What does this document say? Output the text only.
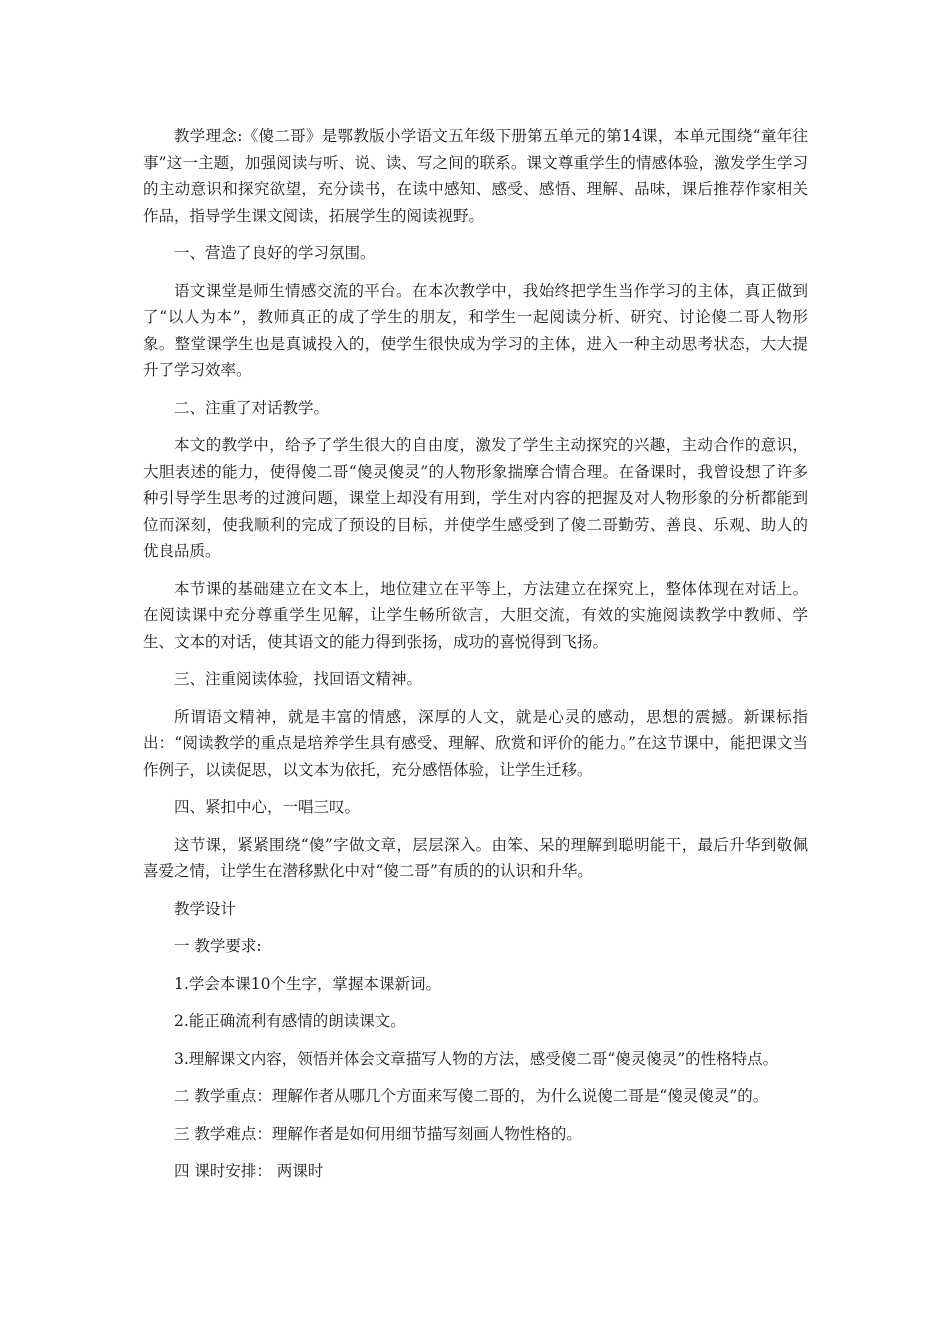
教学理念:《傻二哥》是鄂教版小学语文五年级下册第五单元的第14课，本单元围绕“童年往事”这一主题，加强阅读与听、说、读、写之间的联系。课文尊重学生的情感体验，激发学生学习的主动意识和探究欲望，充分读书，在读中感知、感受、感悟、理解、品味，课后推荐作家相关作品，指导学生课文阅读，拓展学生的阅读视野。

一、营造了良好的学习氛围。

语文课堂是师生情感交流的平台。在本次教学中，我始终把学生当作学习的主体，真正做到了“以人为本”，教师真正的成了学生的朋友，和学生一起阅读分析、研究、讨论傻二哥人物形象。整堂课学生也是真诚投入的，使学生很快成为学习的主体，进入一种主动思考状态，大大提升了学习效率。

二、注重了对话教学。

本文的教学中，给予了学生很大的自由度，激发了学生主动探究的兴趣，主动合作的意识，大胆表述的能力，使得傻二哥“傻灵傻灵”的人物形象揣摩合情合理。在备课时，我曾设想了许多种引导学生思考的过渡问题，课堂上却没有用到，学生对内容的把握及对人物形象的分析都能到位而深刻，使我顺利的完成了预设的目标，并使学生感受到了傻二哥勤劳、善良、乐观、助人的优良品质。

本节课的基础建立在文本上，地位建立在平等上，方法建立在探究上，整体体现在对话上。在阅读课中充分尊重学生见解，让学生畅所欲言，大胆交流，有效的实施阅读教学中教师、学生、文本的对话，使其语文的能力得到张扬，成功的喜悦得到飞扬。

三、注重阅读体验，找回语文精神。

所谓语文精神，就是丰富的情感，深厚的人文，就是心灵的感动，思想的震撼。新课标指出：“阅读教学的重点是培养学生具有感受、理解、欣赏和评价的能力。”在这节课中，能把课文当作例子，以读促思，以文本为依托，充分感悟体验，让学生迁移。

四、紧扣中心，一唱三叹。

这节课，紧紧围绕“傻”字做文章，层层深入。由笨、呆的理解到聪明能干，最后升华到敬佩喜爱之情，让学生在潜移默化中对“傻二哥”有质的的认识和升华。

教学设计

一 教学要求:

1.学会本课10个生字，掌握本课新词。

2.能正确流利有感情的朗读课文。

3.理解课文内容，领悟并体会文章描写人物的方法，感受傻二哥“傻灵傻灵”的性格特点。

二 教学重点：理解作者从哪几个方面来写傻二哥的，为什么说傻二哥是“傻灵傻灵”的。

三 教学难点：理解作者是如何用细节描写刻画人物性格的。

四 课时安排： 两课时
